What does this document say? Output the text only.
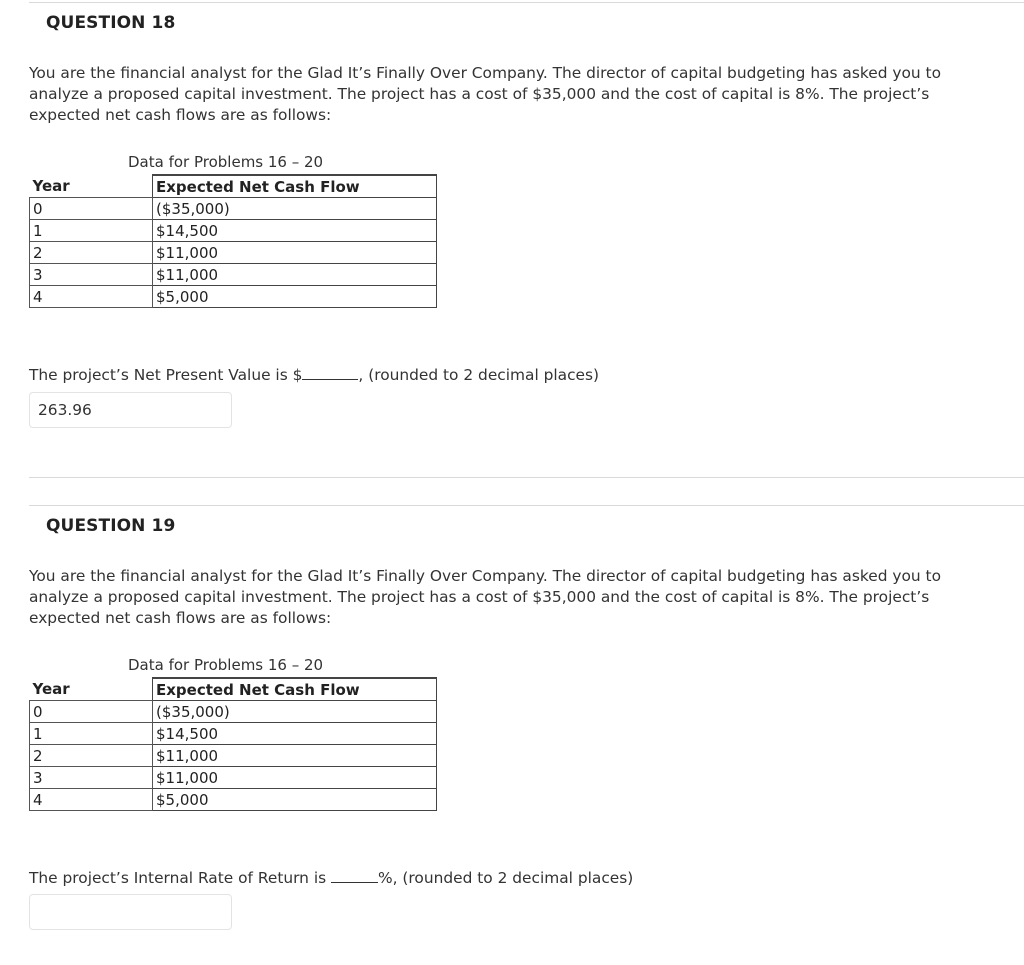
QUESTION 18

You are the financial analyst for the Glad It’s Finally Over Company. The director of capital budgeting has asked you to analyze a proposed capital investment. The project has a cost of $35,000 and the cost of capital is 8%. The project’s expected net cash flows are as follows:

Data for Problems 16 – 20
Year	Expected Net Cash Flow
0	($35,000)
1	$14,500
2	$11,000
3	$11,000
4	$5,000
The project’s Net Present Value is $	, (rounded to 2 decimal places)
263.96
QUESTION 19

You are the financial analyst for the Glad It’s Finally Over Company. The director of capital budgeting has asked you to analyze a proposed capital investment. The project has a cost of $35,000 and the cost of capital is 8%. The project’s expected net cash flows are as follows:

Data for Problems 16 – 20
Year	Expected Net Cash Flow
0	($35,000)
1	$14,500
2	$11,000
3	$11,000
4	$5,000
The project’s Internal Rate of Return is	%, (rounded to 2 decimal places)
